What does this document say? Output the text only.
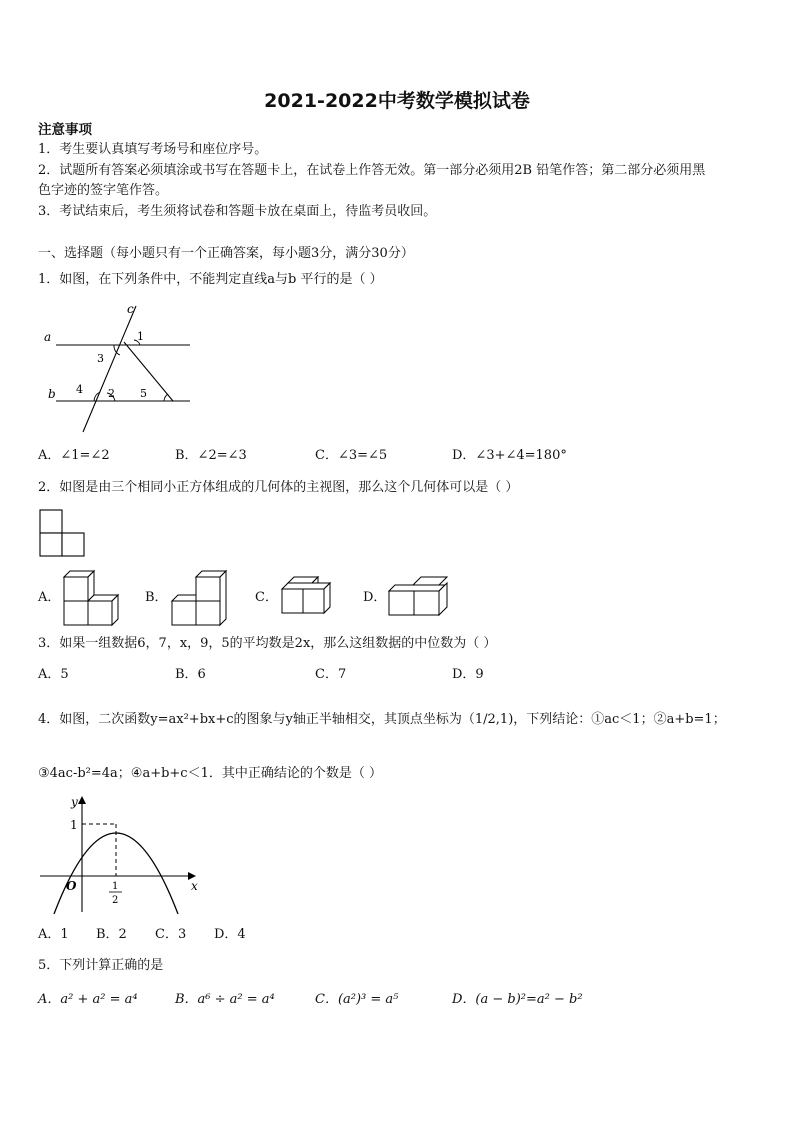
2021-2022中考数学模拟试卷
注意事项
1．考生要认真填写考场号和座位序号。
2．试题所有答案必须填涂或书写在答题卡上，在试卷上作答无效。第一部分必须用2B 铅笔作答；第二部分必须用黑
色字迹的签字笔作答。
3．考试结束后，考生须将试卷和答题卡放在桌面上，待监考员收回。
一、选择题（每小题只有一个正确答案，每小题3分，满分30分）
1．如图，在下列条件中，不能判定直线a与b 平行的是（ ）
a
b
c
1
3
4 2 5
A．∠1=∠2	B．∠2=∠3	C．∠3=∠5	D．∠3+∠4=180°
2．如图是由三个相同小正方体组成的几何体的主视图，那么这个几何体可以是（ ）
A．	B．	C．	D．
3．如果一组数据6，7，x，9，5的平均数是2x，那么这组数据的中位数为（ ）
A．5	B．6	C．7	D．9
4．如图，二次函数y=ax²+bx+c的图象与y轴正半轴相交，其顶点坐标为（1/2,1)，下列结论：①ac＜1；②a+b=1；
③4ac-b²=4a；④a+b+c＜1．其中正确结论的个数是（ ）
y
x
O
1
1
2
A．1 B．2 C．3 D．4
5．下列计算正确的是
A．a² + a² = a⁴	B．a⁶ ÷ a² = a⁴	C．(a²)³ = a⁵	D．(a − b)²=a² − b²
